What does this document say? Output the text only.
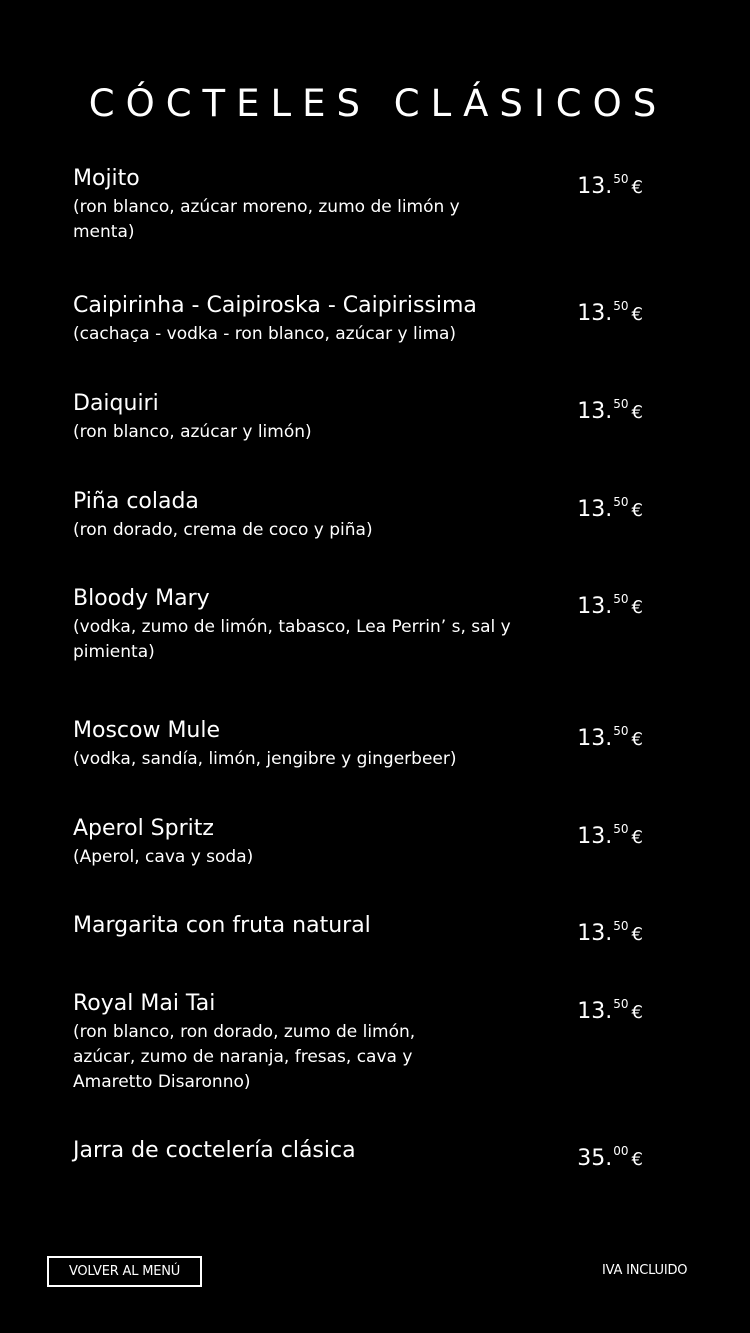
CÓCTELES CLÁSICOS
Mojito
(ron blanco, azúcar moreno, zumo de limón y menta)
13.50 €
Caipirinha - Caipiroska - Caipirissima
(cachaça - vodka - ron blanco, azúcar y lima)
13.50 €
Daiquiri
(ron blanco, azúcar y limón)
13.50 €
Piña colada
(ron dorado, crema de coco y piña)
13.50 €
Bloody Mary
(vodka, zumo de limón, tabasco, Lea Perrin’ s, sal y pimienta)
13.50 €
Moscow Mule
(vodka, sandía, limón, jengibre y gingerbeer)
13.50 €
Aperol Spritz
(Aperol, cava y soda)
13.50 €
Margarita con fruta natural	13.50 €
Royal Mai Tai
(ron blanco, ron dorado, zumo de limón, azúcar, zumo de naranja, fresas, cava y Amaretto Disaronno)
13.50 €
Jarra de coctelería clásica	35.00 €
VOLVER AL MENÚ	IVA INCLUIDO
